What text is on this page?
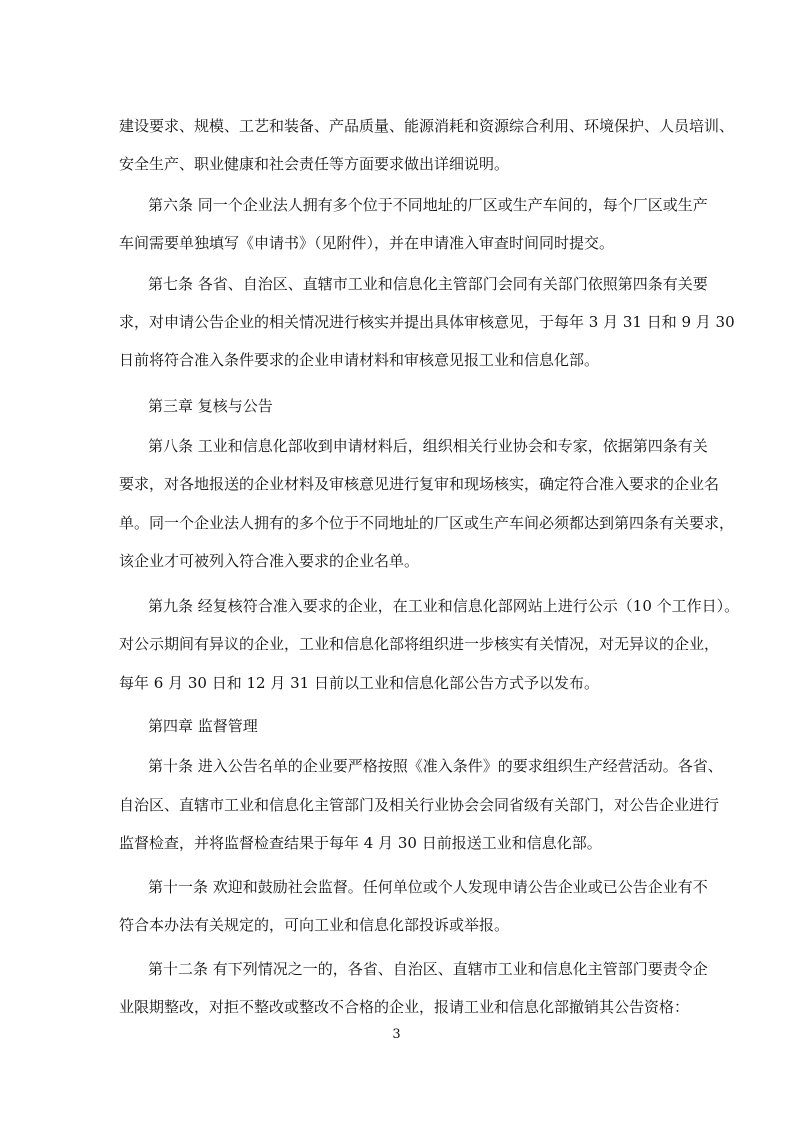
建设要求、规模、工艺和装备、产品质量、能源消耗和资源综合利用、环境保护、人员培训、
安全生产、职业健康和社会责任等方面要求做出详细说明。
第六条 同一个企业法人拥有多个位于不同地址的厂区或生产车间的，每个厂区或生产
车间需要单独填写《申请书》（见附件），并在申请准入审查时间同时提交。
第七条 各省、自治区、直辖市工业和信息化主管部门会同有关部门依照第四条有关要
求，对申请公告企业的相关情况进行核实并提出具体审核意见，于每年 3 月 31 日和 9 月 30
日前将符合准入条件要求的企业申请材料和审核意见报工业和信息化部。
第三章 复核与公告
第八条 工业和信息化部收到申请材料后，组织相关行业协会和专家，依据第四条有关
要求，对各地报送的企业材料及审核意见进行复审和现场核实，确定符合准入要求的企业名
单。同一个企业法人拥有的多个位于不同地址的厂区或生产车间必须都达到第四条有关要求，
该企业才可被列入符合准入要求的企业名单。
第九条 经复核符合准入要求的企业，在工业和信息化部网站上进行公示（10 个工作日）。
对公示期间有异议的企业，工业和信息化部将组织进一步核实有关情况，对无异议的企业，
每年 6 月 30 日和 12 月 31 日前以工业和信息化部公告方式予以发布。
第四章 监督管理
第十条 进入公告名单的企业要严格按照《准入条件》的要求组织生产经营活动。各省、
自治区、直辖市工业和信息化主管部门及相关行业协会会同省级有关部门，对公告企业进行
监督检查，并将监督检查结果于每年 4 月 30 日前报送工业和信息化部。
第十一条 欢迎和鼓励社会监督。任何单位或个人发现申请公告企业或已公告企业有不
符合本办法有关规定的，可向工业和信息化部投诉或举报。
第十二条 有下列情况之一的，各省、自治区、直辖市工业和信息化主管部门要责令企
业限期整改，对拒不整改或整改不合格的企业，报请工业和信息化部撤销其公告资格：
3
